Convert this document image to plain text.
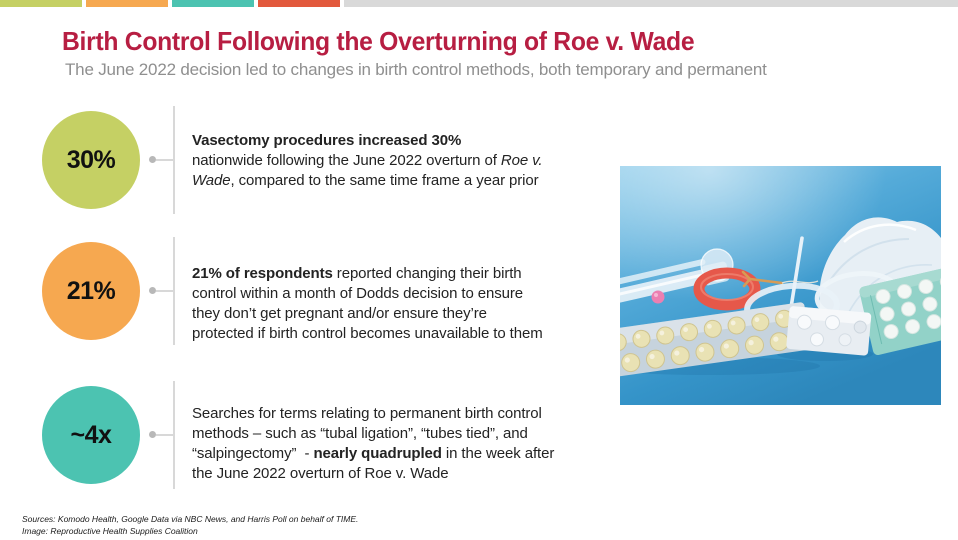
Birth Control Following the Overturning of Roe v. Wade
The June 2022 decision led to changes in birth control methods, both temporary and permanent
30%
Vasectomy procedures increased 30%
nationwide following the June 2022 overturn of Roe v.
Wade, compared to the same time frame a year prior
21%
21% of respondents reported changing their birth
control within a month of Dodds decision to ensure
they don’t get pregnant and/or ensure they’re
protected if birth control becomes unavailable to them
~4x
Searches for terms relating to permanent birth control
methods – such as “tubal ligation”, “tubes tied”, and
“salpingectomy”  - nearly quadrupled in the week after
the June 2022 overturn of Roe v. Wade
Sources: Komodo Health, Google Data via NBC News, and Harris Poll on behalf of TIME.
Image: Reproductive Health Supplies Coalition
